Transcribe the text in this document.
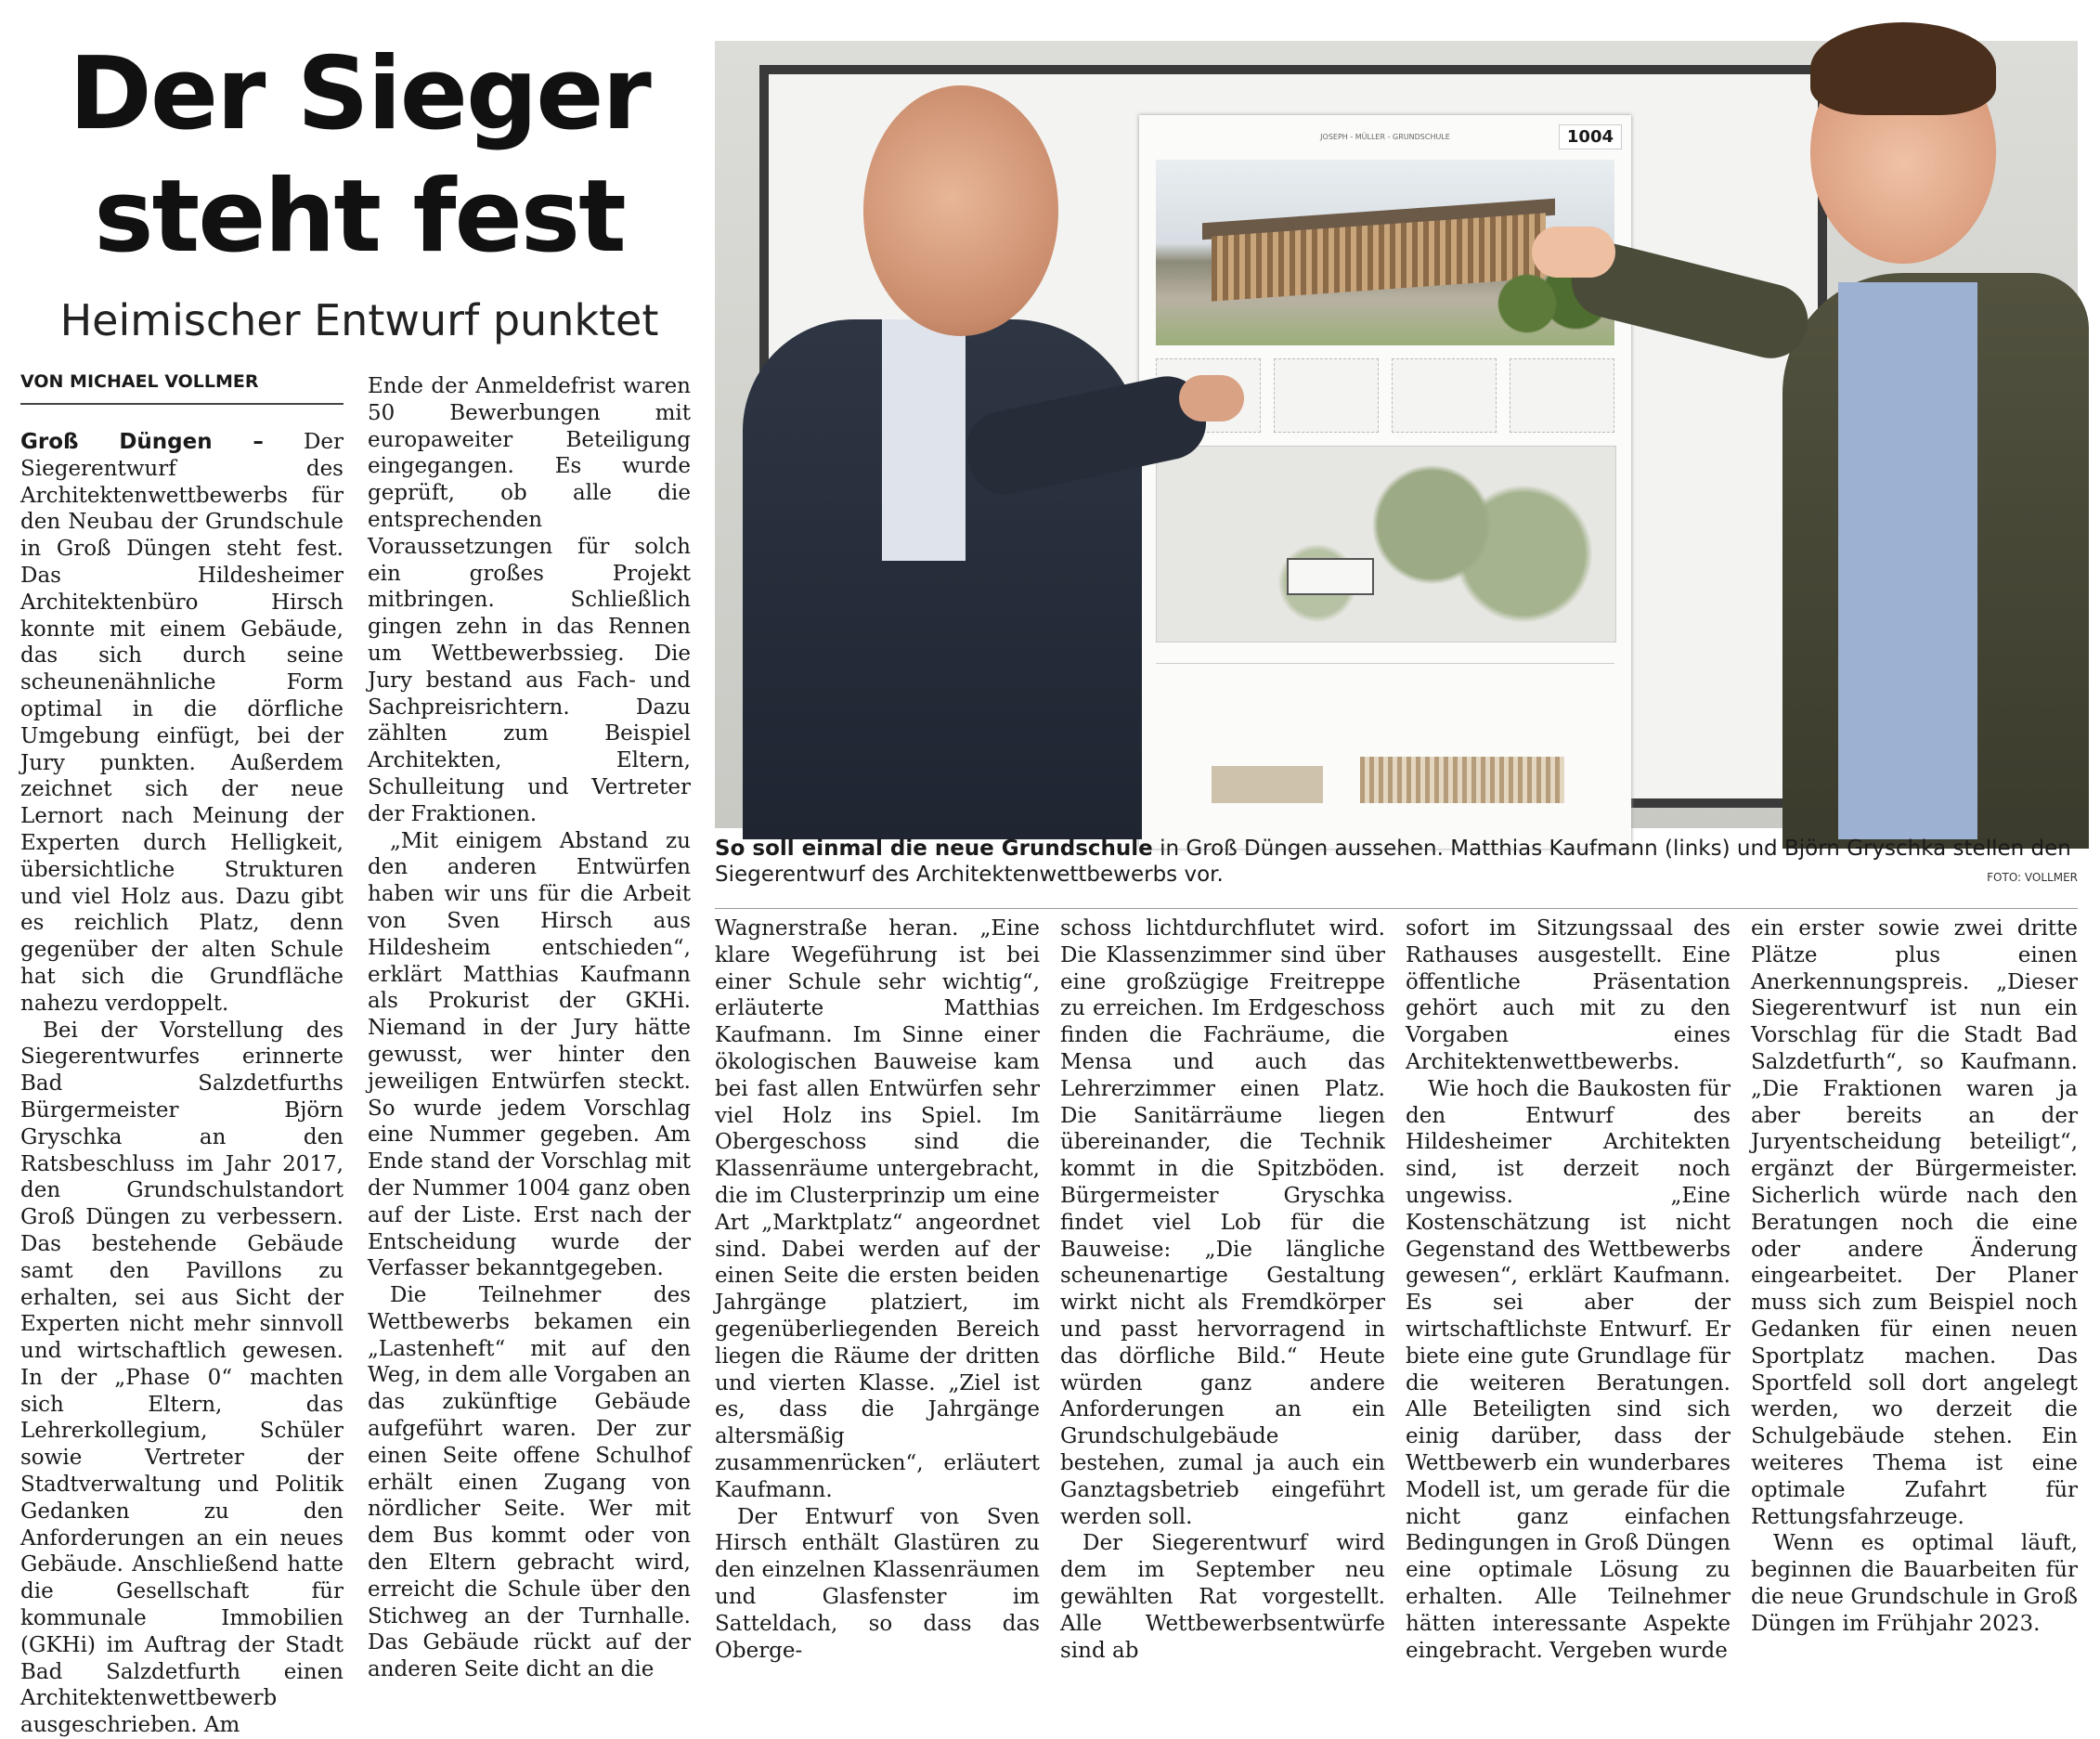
Der Sieger
steht fest
Heimischer Entwurf punktet
VON MICHAEL VOLLMER

Groß Düngen – Der Siegerentwurf des Architektenwettbewerbs für den Neubau der Grundschule in Groß Düngen steht fest. Das Hildesheimer Architektenbüro Hirsch konnte mit einem Gebäude, das sich durch seine scheunenähnliche Form optimal in die dörfliche Umgebung einfügt, bei der Jury punkten. Außerdem zeichnet sich der neue Lernort nach Meinung der Experten durch Helligkeit, übersichtliche Strukturen und viel Holz aus. Dazu gibt es reichlich Platz, denn gegenüber der alten Schule hat sich die Grundfläche nahezu verdoppelt.

Bei der Vorstellung des Siegerentwurfes erinnerte Bad Salzdetfurths Bürgermeister Björn Gryschka an den Ratsbeschluss im Jahr 2017, den Grundschulstandort Groß Düngen zu verbessern. Das bestehende Gebäude samt den Pavillons zu erhalten, sei aus Sicht der Experten nicht mehr sinnvoll und wirtschaftlich gewesen. In der „Phase 0“ machten sich Eltern, das Lehrerkollegium, Schüler sowie Vertreter der Stadtverwaltung und Politik Gedanken zu den Anforderungen an ein neues Gebäude. Anschließend hatte die Gesellschaft für kommunale Immobilien (GKHi) im Auftrag der Stadt Bad Salzdetfurth einen Architektenwettbewerb ausgeschrieben. Am

Ende der Anmeldefrist waren 50 Bewerbungen mit europaweiter Beteiligung eingegangen. Es wurde geprüft, ob alle die entsprechenden Voraussetzungen für solch ein großes Projekt mitbringen. Schließlich gingen zehn in das Rennen um Wettbewerbssieg. Die Jury bestand aus Fach- und Sachpreisrichtern. Dazu zählten zum Beispiel Architekten, Eltern, Schulleitung und Vertreter der Fraktionen.

„Mit einigem Abstand zu den anderen Entwürfen haben wir uns für die Arbeit von Sven Hirsch aus Hildesheim entschieden“, erklärt Matthias Kaufmann als Prokurist der GKHi. Niemand in der Jury hätte gewusst, wer hinter den jeweiligen Entwürfen steckt. So wurde jedem Vorschlag eine Nummer gegeben. Am Ende stand der Vorschlag mit der Nummer 1004 ganz oben auf der Liste. Erst nach der Entscheidung wurde der Verfasser bekanntgegeben.

Die Teilnehmer des Wettbewerbs bekamen ein „Lastenheft“ mit auf den Weg, in dem alle Vorgaben an das zukünftige Gebäude aufgeführt waren. Der zur einen Seite offene Schulhof erhält einen Zugang von nördlicher Seite. Wer mit dem Bus kommt oder von den Eltern gebracht wird, erreicht die Schule über den Stichweg an der Turnhalle. Das Gebäude rückt auf der anderen Seite dicht an die

JOSEPH - MÜLLER - GRUNDSCHULE	1004
So soll einmal die neue Grundschule in Groß Düngen aussehen. Matthias Kaufmann (links) und Björn Gryschka stellen den Siegerentwurf des Architektenwettbewerbs vor.	FOTO: VOLLMER

Wagnerstraße heran. „Eine klare Wegeführung ist bei einer Schule sehr wichtig“, erläuterte Matthias Kaufmann. Im Sinne einer ökologischen Bauweise kam bei fast allen Entwürfen sehr viel Holz ins Spiel. Im Obergeschoss sind die Klassenräume untergebracht, die im Clusterprinzip um eine Art „Marktplatz“ angeordnet sind. Dabei werden auf der einen Seite die ersten beiden Jahrgänge platziert, im gegenüberliegenden Bereich liegen die Räume der dritten und vierten Klasse. „Ziel ist es, dass die Jahrgänge altersmäßig zusammenrücken“, erläutert Kaufmann.

Der Entwurf von Sven Hirsch enthält Glastüren zu den einzelnen Klassenräumen und Glasfenster im Satteldach, so dass das Oberge-

schoss lichtdurchflutet wird. Die Klassenzimmer sind über eine großzügige Freitreppe zu erreichen. Im Erdgeschoss finden die Fachräume, die Mensa und auch das Lehrerzimmer einen Platz. Die Sanitärräume liegen übereinander, die Technik kommt in die Spitzböden. Bürgermeister Gryschka findet viel Lob für die Bauweise: „Die längliche scheunenartige Gestaltung wirkt nicht als Fremdkörper und passt hervorragend in das dörfliche Bild.“ Heute würden ganz andere Anforderungen an ein Grundschulgebäude bestehen, zumal ja auch ein Ganztagsbetrieb eingeführt werden soll.

Der Siegerentwurf wird dem im September neu gewählten Rat vorgestellt. Alle Wettbewerbsentwürfe sind ab

sofort im Sitzungssaal des Rathauses ausgestellt. Eine öffentliche Präsentation gehört auch mit zu den Vorgaben eines Architektenwettbewerbs.

Wie hoch die Baukosten für den Entwurf des Hildesheimer Architekten sind, ist derzeit noch ungewiss. „Eine Kostenschätzung ist nicht Gegenstand des Wettbewerbs gewesen“, erklärt Kaufmann. Es sei aber der wirtschaftlichste Entwurf. Er biete eine gute Grundlage für die weiteren Beratungen. Alle Beteiligten sind sich einig darüber, dass der Wettbewerb ein wunderbares Modell ist, um gerade für die nicht ganz einfachen Bedingungen in Groß Düngen eine optimale Lösung zu erhalten. Alle Teilnehmer hätten interessante Aspekte eingebracht. Vergeben wurde

ein erster sowie zwei dritte Plätze plus einen Anerkennungspreis. „Dieser Siegerentwurf ist nun ein Vorschlag für die Stadt Bad Salzdetfurth“, so Kaufmann. „Die Fraktionen waren ja aber bereits an der Juryentscheidung beteiligt“, ergänzt der Bürgermeister. Sicherlich würde nach den Beratungen noch die eine oder andere Änderung eingearbeitet. Der Planer muss sich zum Beispiel noch Gedanken für einen neuen Sportplatz machen. Das Sportfeld soll dort angelegt werden, wo derzeit die Schulgebäude stehen. Ein weiteres Thema ist eine optimale Zufahrt für Rettungsfahrzeuge.

Wenn es optimal läuft, beginnen die Bauarbeiten für die neue Grundschule in Groß Düngen im Frühjahr 2023.
